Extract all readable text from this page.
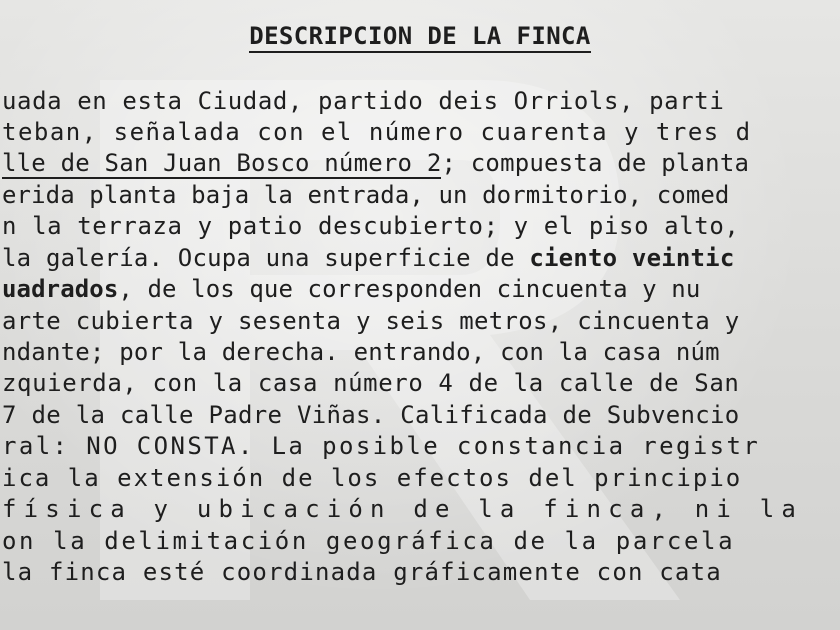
DESCRIPCION DE LA FINCA
uada en esta Ciudad, partido deis Orriols, parti
teban, señalada con el número cuarenta y tres d
lle de San Juan Bosco número 2; compuesta de planta
erida planta baja la entrada, un dormitorio, comed
n la terraza y patio descubierto; y el piso alto,
la galería. Ocupa una superficie de ciento veintic
uadrados, de los que corresponden cincuenta y nu
arte cubierta y sesenta y seis metros, cincuenta y
ndante; por la derecha. entrando, con la casa núm
zquierda, con la casa número 4 de la calle de San
7 de la calle Padre Viñas. Calificada de Subvencio
ral: NO CONSTA. La posible constancia registr
ica la extensión de los efectos del principio
física y ubicación de la finca, ni la
on la delimitación geográfica de la parcela
la finca esté coordinada gráficamente con cata
